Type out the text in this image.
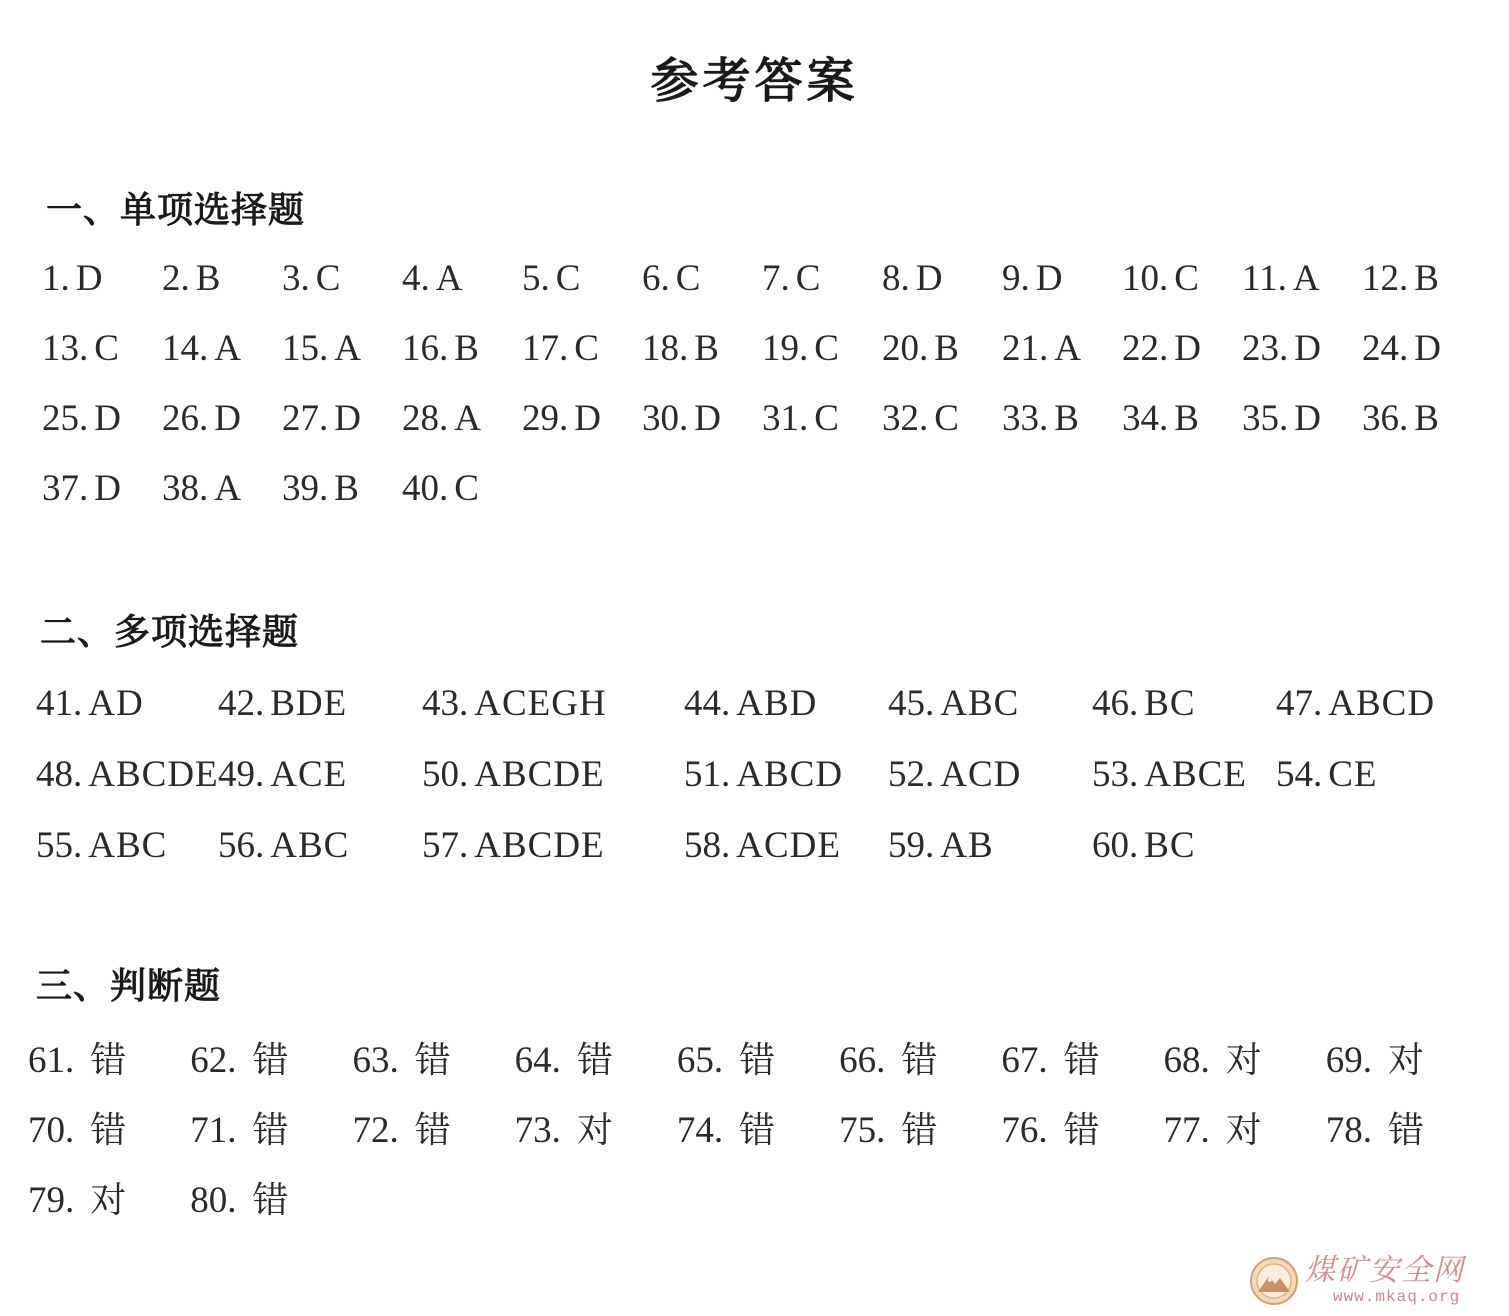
参考答案
一、单项选择题
1. D	2. B	3. C	4. A	5. C	6. C	7. C	8. D	9. D	10. C	11. A	12. B
13. C	14. A	15. A	16. B	17. C	18. B	19. C	20. B	21. A	22. D	23. D	24. D
25. D	26. D	27. D	28. A	29. D	30. D	31. C	32. C	33. B	34. B	35. D	36. B
37. D	38. A	39. B	40. C
二、多项选择题
41. AD	42. BDE	43. ACEGH	44. ABD	45. ABC	46. BC	47. ABCD
48. ABCDE 49. ACE	50. ABCDE	51. ABCD	52. ACD	53. ABCE 54. CE
55. ABC	56. ABC	57. ABCDE	58. ACDE	59. AB	60. BC
三、判断题
61. 错	62. 错	63. 错	64. 错	65. 错	66. 错	67. 错	68. 对	69. 对
70. 错	71. 错	72. 错	73. 对	74. 错	75. 错	76. 错	77. 对	78. 错
79. 对	80. 错
煤矿安全网
www.mkaq.org
